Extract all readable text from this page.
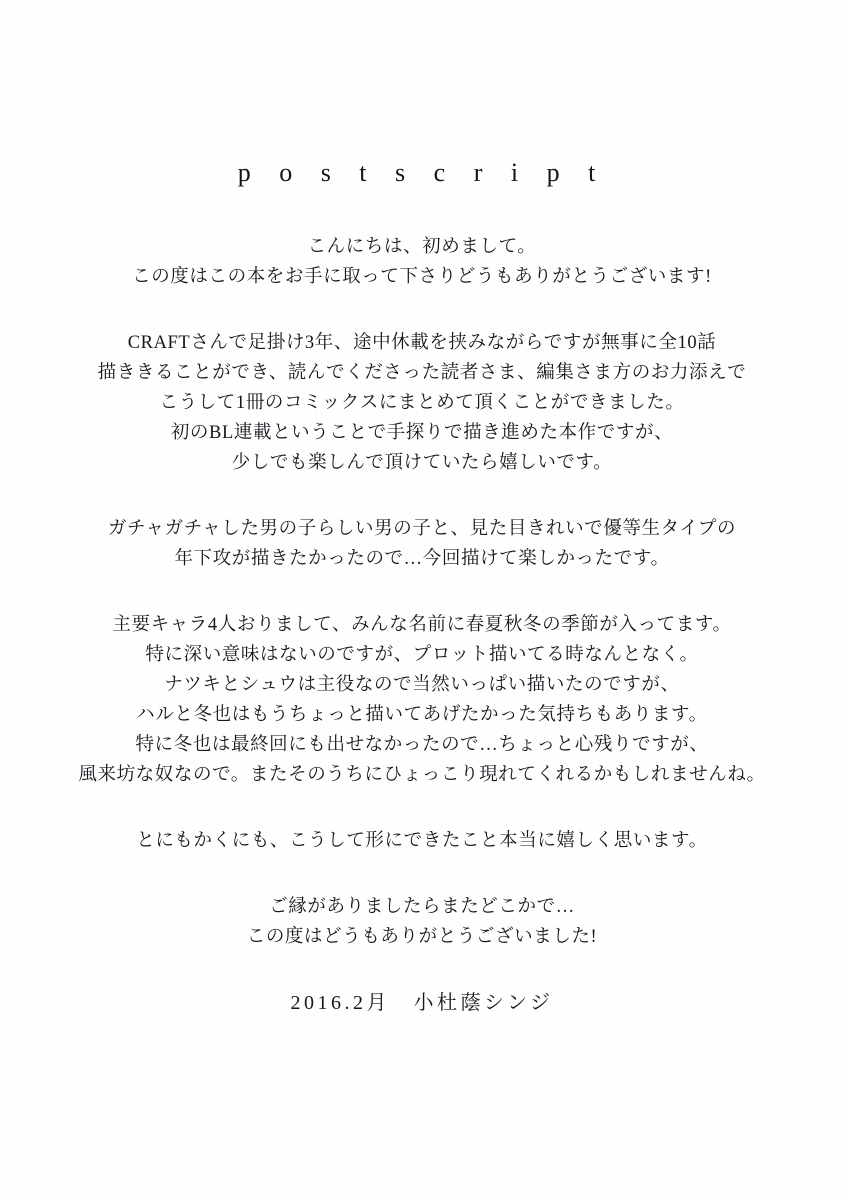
p o s t s c r i p t
こんにちは、初めまして。
この度はこの本をお手に取って下さりどうもありがとうございます!
CRAFTさんで足掛け3年、途中休載を挟みながらですが無事に全10話
描ききることができ、読んでくださった読者さま、編集さま方のお力添えで
こうして1冊のコミックスにまとめて頂くことができました。
初のBL連載ということで手探りで描き進めた本作ですが、
少しでも楽しんで頂けていたら嬉しいです。
ガチャガチャした男の子らしい男の子と、見た目きれいで優等生タイプの
年下攻が描きたかったので…今回描けて楽しかったです。
主要キャラ4人おりまして、みんな名前に春夏秋冬の季節が入ってます。
特に深い意味はないのですが、プロット描いてる時なんとなく。
ナツキとシュウは主役なので当然いっぱい描いたのですが、
ハルと冬也はもうちょっと描いてあげたかった気持ちもあります。
特に冬也は最終回にも出せなかったので…ちょっと心残りですが、
風来坊な奴なので。またそのうちにひょっこり現れてくれるかもしれませんね。
とにもかくにも、こうして形にできたこと本当に嬉しく思います。
ご縁がありましたらまたどこかで…
この度はどうもありがとうございました!
2016.2月　小杜蔭シンジ
